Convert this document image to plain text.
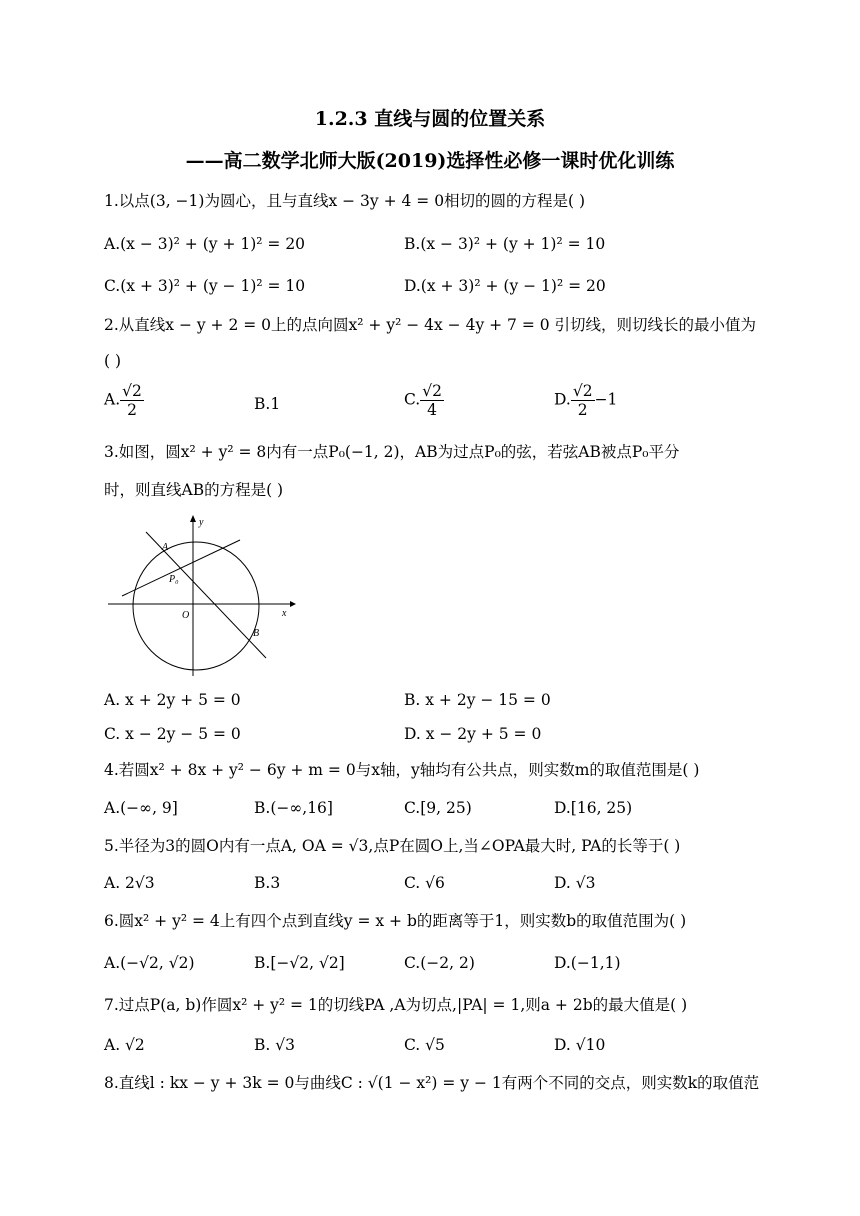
1.2.3 直线与圆的位置关系
——高二数学北师大版(2019)选择性必修一课时优化训练
1.以点(3, −1)为圆心，且与直线x − 3y + 4 = 0相切的圆的方程是( )
A.(x − 3)² + (y + 1)² = 20	B.(x − 3)² + (y + 1)² = 10
C.(x + 3)² + (y − 1)² = 10	D.(x + 3)² + (y − 1)² = 20
2.从直线x − y + 2 = 0上的点向圆x² + y² − 4x − 4y + 7 = 0 引切线，则切线长的最小值为
( )
A. $\frac{√2}{2}$	B.1	C. $\frac{√2}{4}$	D. $\frac{√2}{2} -1$
3.如图，圆x² + y² = 8内有一点P₀(−1, 2)，AB为过点P₀的弦，若弦AB被点P₀平分
时，则直线AB的方程是( )
A
P₀
O
B
y
x
A. x + 2y + 5 = 0	B. x + 2y − 15 = 0
C. x − 2y − 5 = 0	D. x − 2y + 5 = 0
4.若圆x² + 8x + y² − 6y + m = 0与x轴，y轴均有公共点，则实数m的取值范围是( )
A.(−∞, 9]	B.(−∞,16]	C.[9, 25)	D.[16, 25)
5.半径为3的圆O内有一点A, OA = √3,点P在圆O上,当∠OPA最大时, PA的长等于( )
A. 2√3	B.3	C. √6	D. √3
6.圆x² + y² = 4上有四个点到直线y = x + b的距离等于1，则实数b的取值范围为( )
A.(−√2, √2)	B.[−√2, √2]	C.(−2, 2)	D.(−1,1)
7.过点P(a, b)作圆x² + y² = 1的切线PA ,A为切点,|PA| = 1,则a + 2b的最大值是( )
A. √2	B. √3	C. √5	D. √10
8.直线l : kx − y + 3k = 0与曲线C : √(1 − x²) = y − 1有两个不同的交点，则实数k的取值范
